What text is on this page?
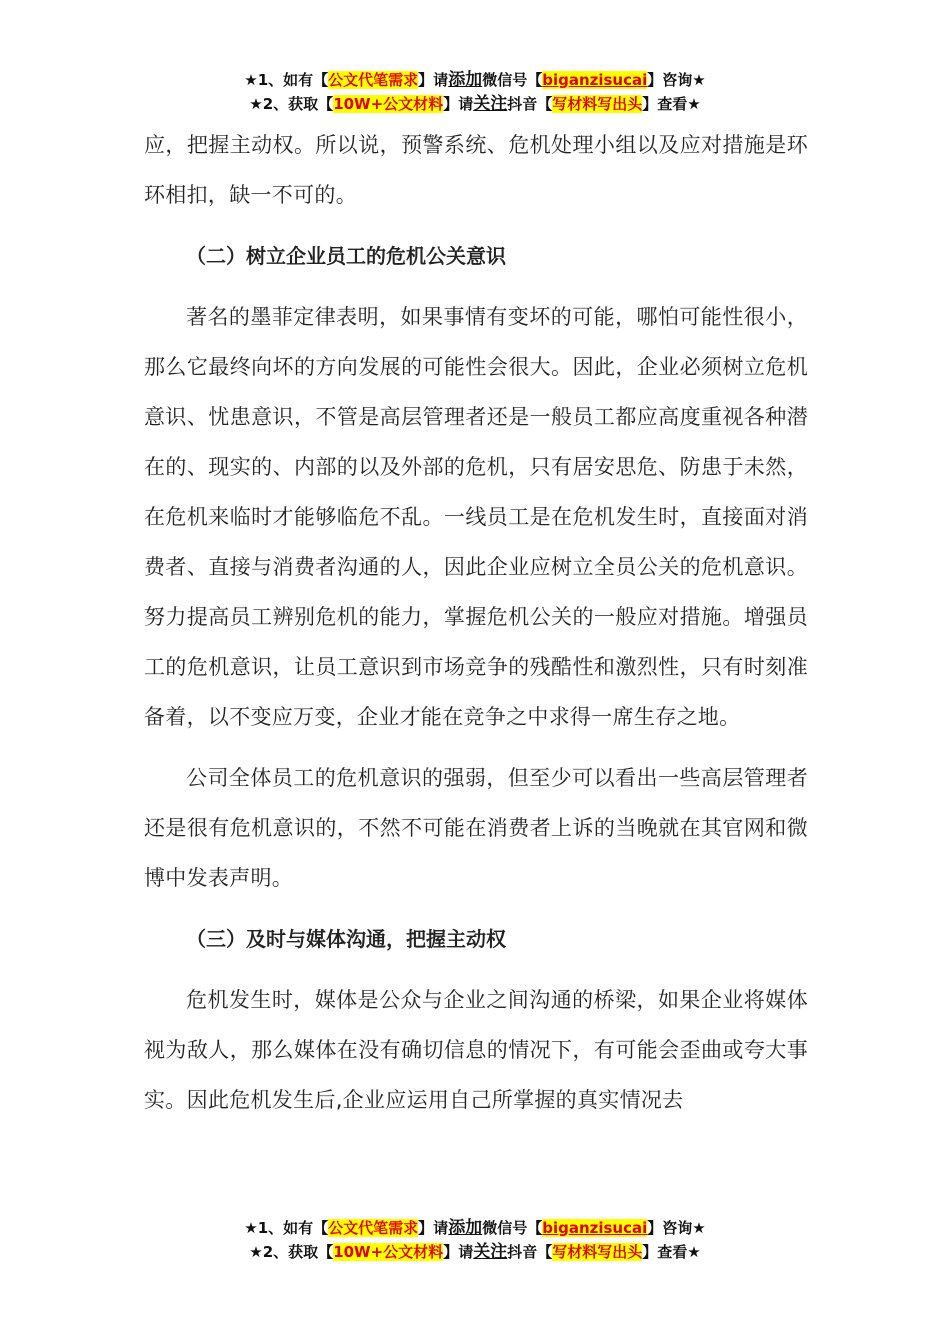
★1、如有【公文代笔需求】请添加微信号【biganzisucai】咨询★
★2、获取【10W+公文材料】请关注抖音【写材料写出头】查看★

应，把握主动权。所以说，预警系统、危机处理小组以及应对措施是环环相扣，缺一不可的。

（二）树立企业员工的危机公关意识

著名的墨菲定律表明，如果事情有变坏的可能，哪怕可能性很小，那么它最终向坏的方向发展的可能性会很大。因此，企业必须树立危机意识、忧患意识，不管是高层管理者还是一般员工都应高度重视各种潜在的、现实的、内部的以及外部的危机，只有居安思危、防患于未然，在危机来临时才能够临危不乱。一线员工是在危机发生时，直接面对消费者、直接与消费者沟通的人，因此企业应树立全员公关的危机意识。努力提高员工辨别危机的能力，掌握危机公关的一般应对措施。增强员工的危机意识，让员工意识到市场竞争的残酷性和激烈性，只有时刻准备着，以不变应万变，企业才能在竞争之中求得一席生存之地。

公司全体员工的危机意识的强弱，但至少可以看出一些高层管理者还是很有危机意识的，不然不可能在消费者上诉的当晚就在其官网和微博中发表声明。

（三）及时与媒体沟通，把握主动权

危机发生时，媒体是公众与企业之间沟通的桥梁，如果企业将媒体视为敌人，那么媒体在没有确切信息的情况下，有可能会歪曲或夸大事实。因此危机发生后,企业应运用自己所掌握的真实情况去

★1、如有【公文代笔需求】请添加微信号【biganzisucai】咨询★
★2、获取【10W+公文材料】请关注抖音【写材料写出头】查看★
